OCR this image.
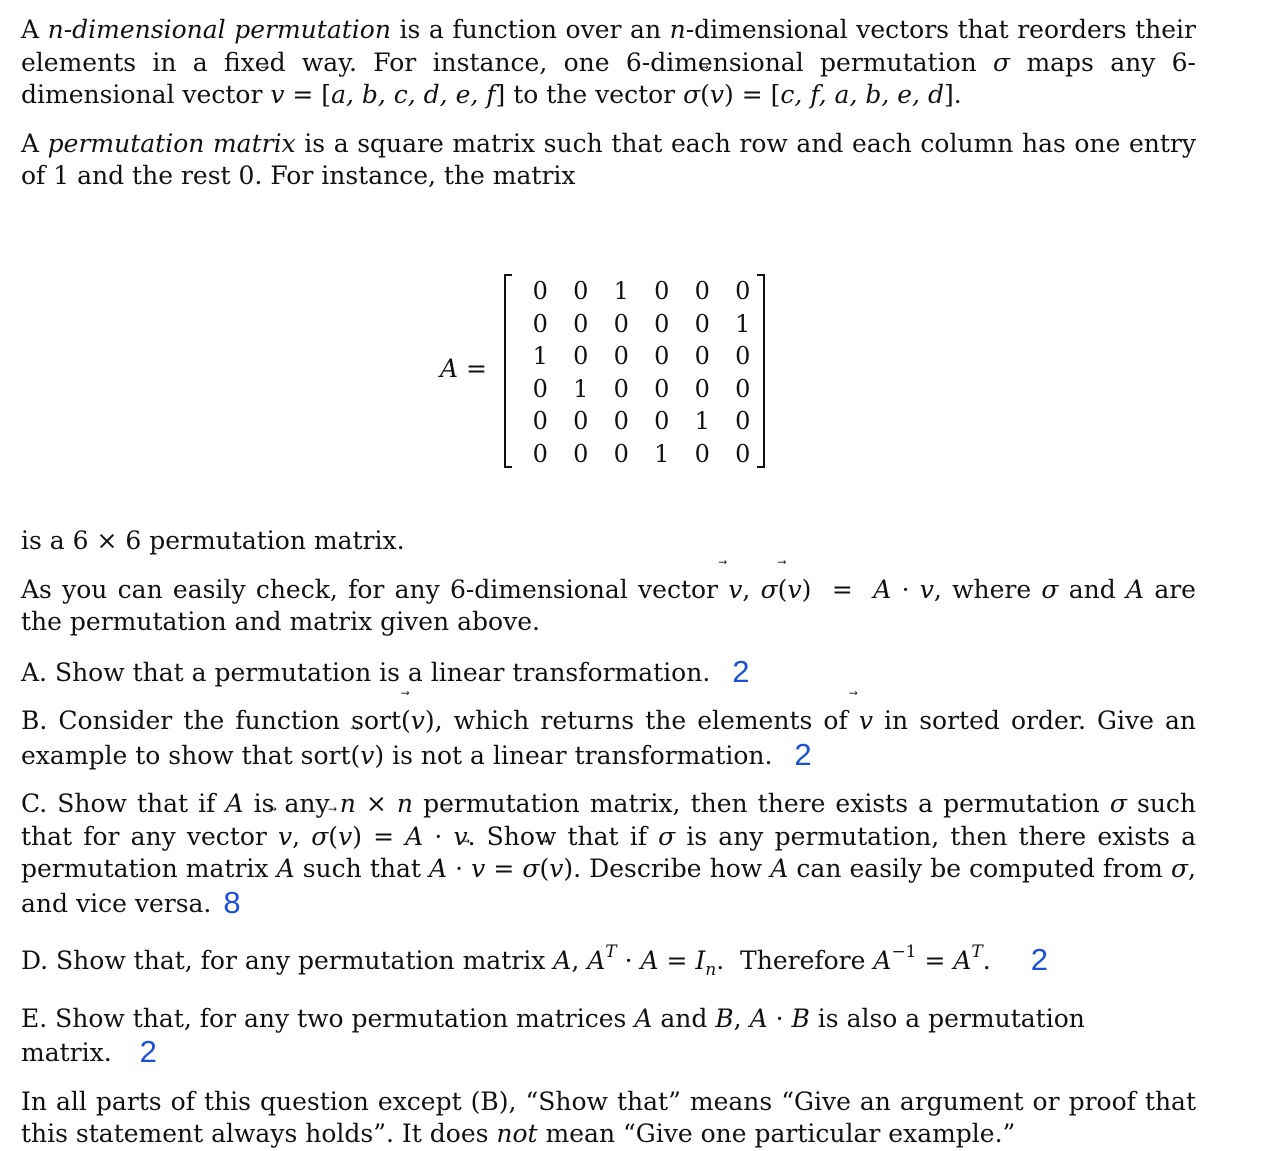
A n-dimensional permutation is a function over an n-dimensional vectors that reorders their elements in a fixed way. For instance, one 6-dimensional permutation σ maps any 6-dimensional vector
v = [a, b, c, d, e, f] to the vector σ(
v) = [c, f, a, b, e, d].

A permutation matrix is a square matrix such that each row and each column has one entry of 1 and the rest 0. For instance, the matrix

A =
0	0	1	0	0	0
0	0	0	0	0	1
1	0	0	0	0	0
0	1	0	0	0	0
0	0	0	0	1	0
0	0	0	1	0	0

is a 6 × 6 permutation matrix.

As you can easily check, for any 6-dimensional vector
v, σ(
v)  =  A · v, where σ and A are the permutation and matrix given above.

A. Show that a permutation is a linear transformation. 2

B. Consider the function sort(
v), which returns the elements of
v in sorted order. Give an example to show that sort(
v) is not a linear transformation. 2

C. Show that if A is any n × n permutation matrix, then there exists a permutation σ such that for any vector
v, σ(
v) = A ·
v. Show that if σ is any permutation, then there exists a permutation matrix A such that A ·
v = σ(
v). Describe how A can easily be computed from σ, and vice versa. 8

D. Show that, for any permutation matrix A, $A^T \cdot A = I_n$.  Therefore $A^{-1} = A^T$. 2

E. Show that, for any two permutation matrices A and B, A · B is also a permutation matrix. 2

In all parts of this question except (B), “Show that” means “Give an argument or proof that this statement always holds”. It does not mean “Give one particular example.”
